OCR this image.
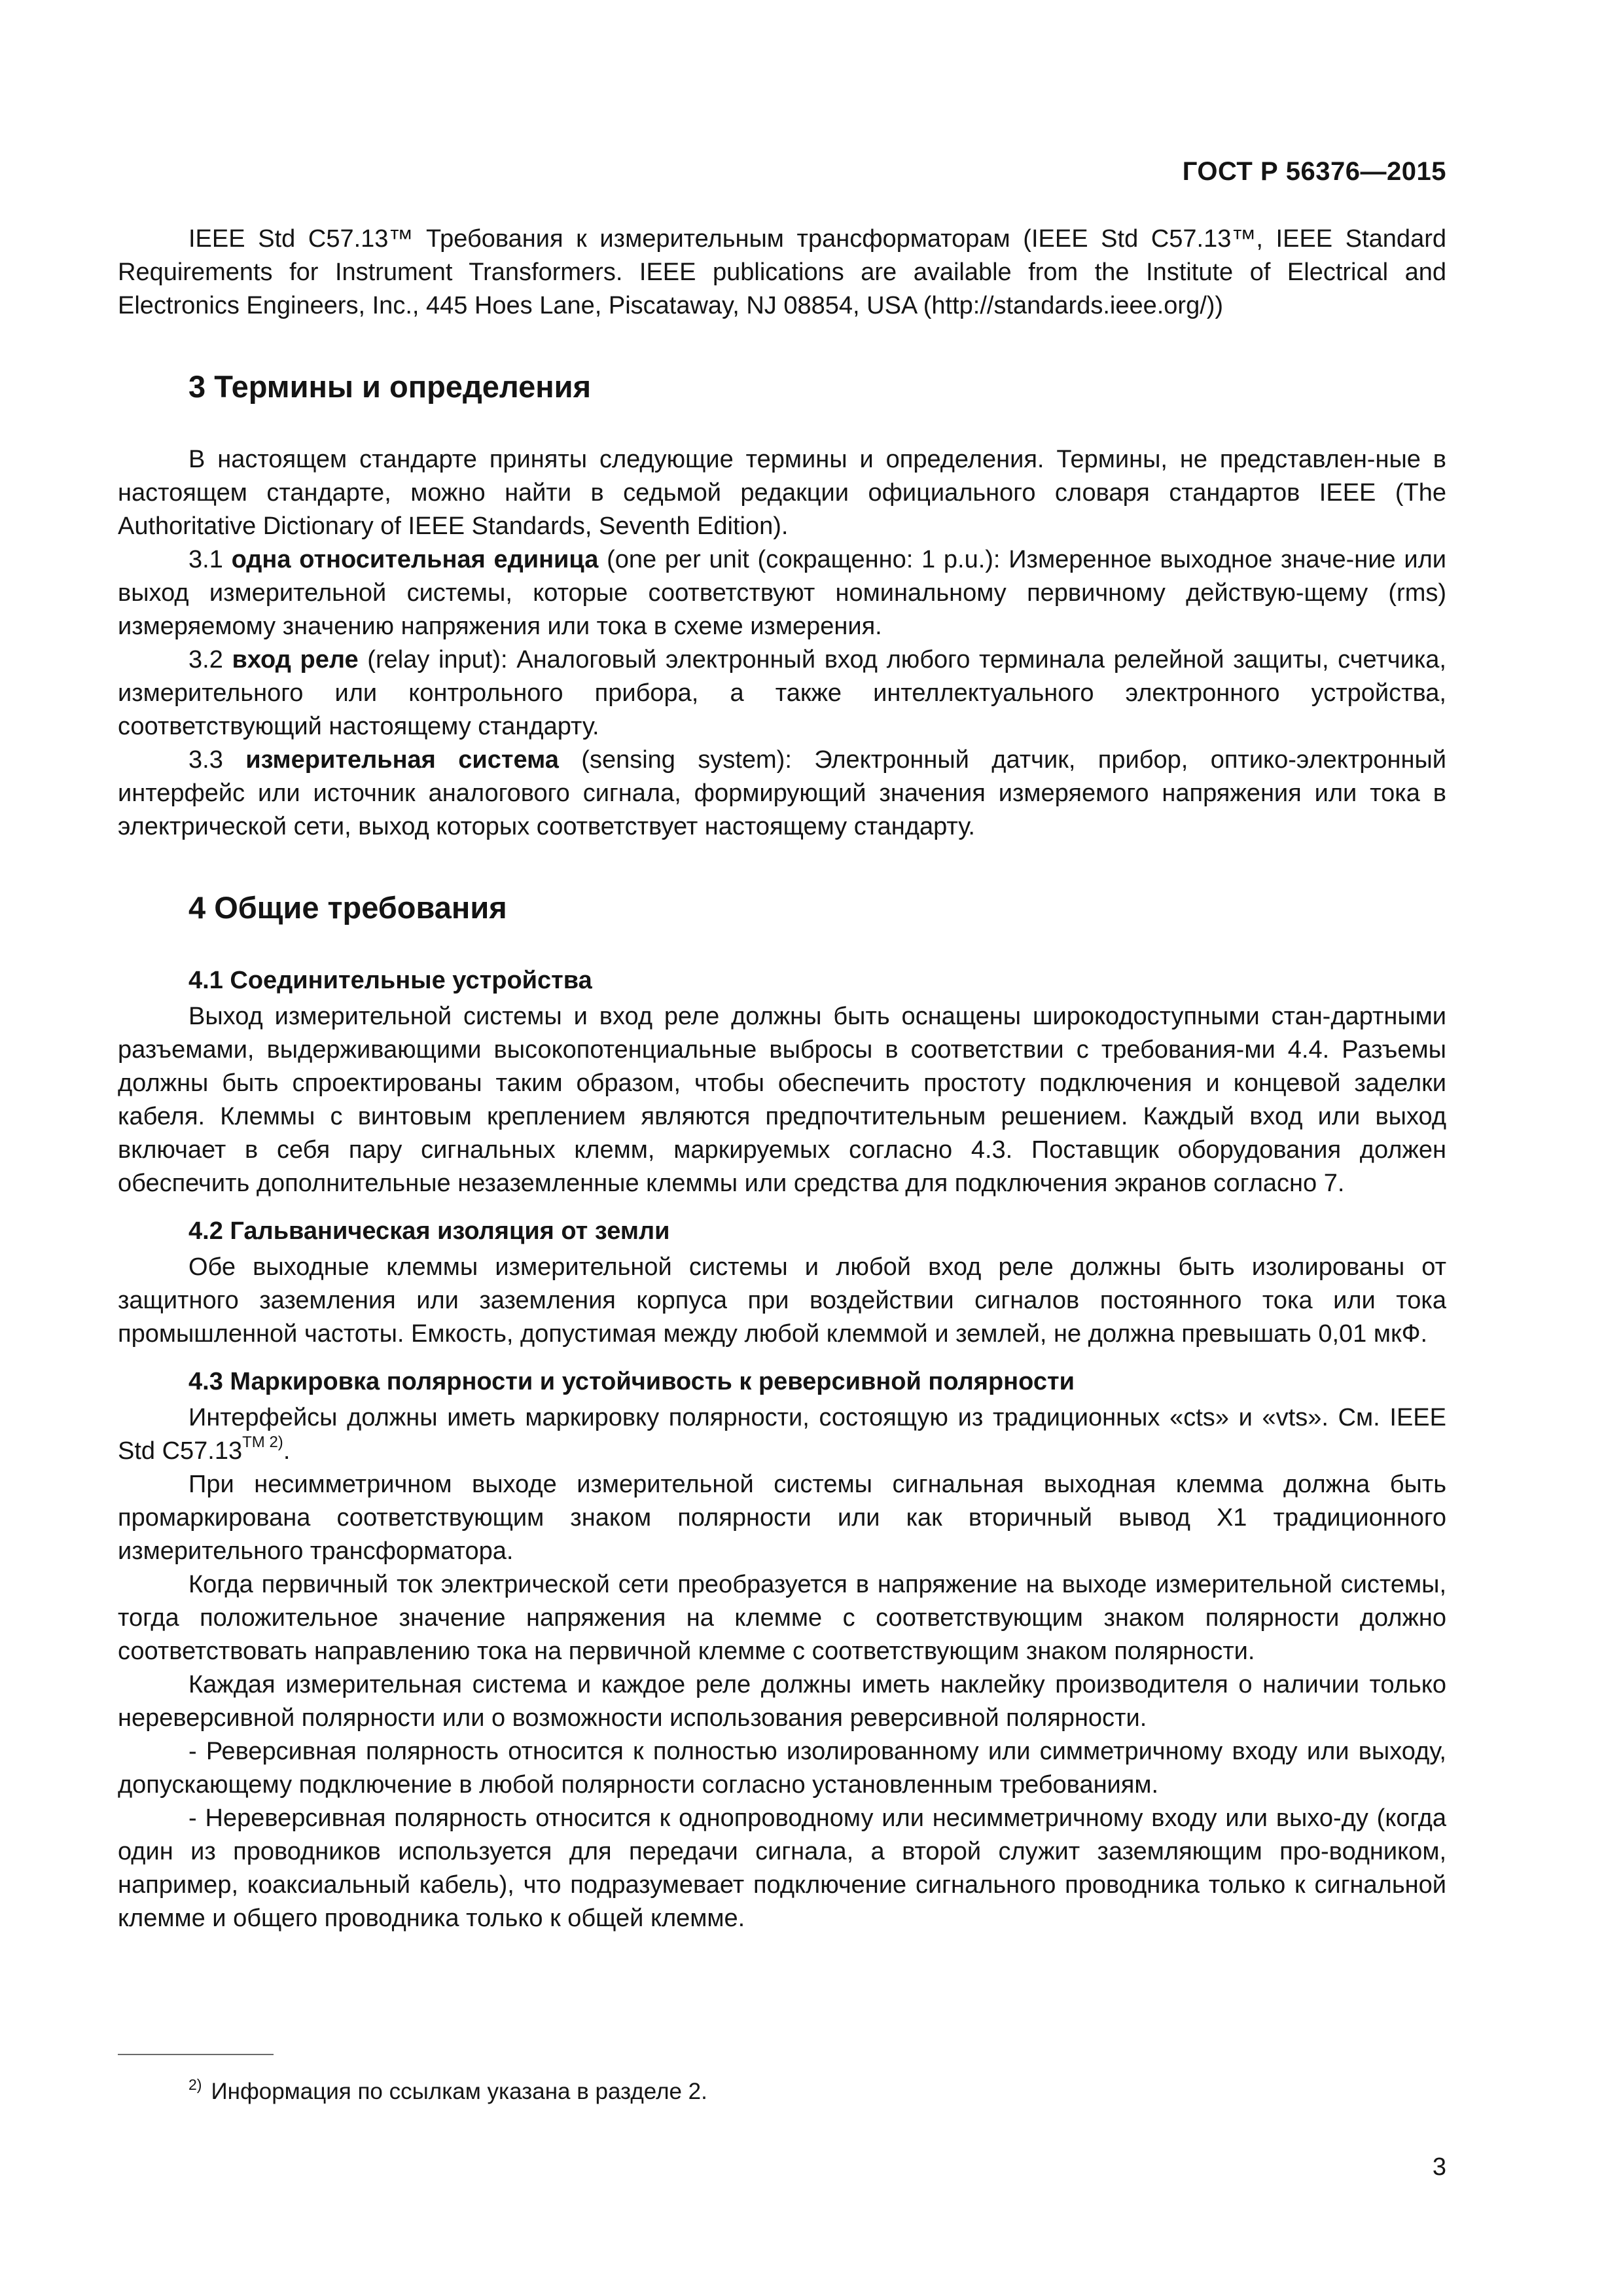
ГОСТ Р 56376—2015

IEEE Std C57.13™ Требования к измерительным трансформаторам (IEEE Std C57.13™, IEEE Standard Requirements for Instrument Transformers. IEEE publications are available from the Institute of Electrical and Electronics Engineers, Inc., 445 Hoes Lane, Piscataway, NJ 08854, USA (http://standards.ieee.org/))

3 Термины и определения

В настоящем стандарте приняты следующие термины и определения. Термины, не представлен-ные в настоящем стандарте, можно найти в седьмой редакции официального словаря стандартов IEEE (The Authoritative Dictionary of IEEE Standards, Seventh Edition).

3.1 одна относительная единица (one per unit (сокращенно: 1 p.u.): Измеренное выходное значе-ние или выход измерительной системы, которые соответствуют номинальному первичному действую-щему (rms) измеряемому значению напряжения или тока в схеме измерения.

3.2 вход реле (relay input): Аналоговый электронный вход любого терминала релейной защиты, счетчика, измерительного или контрольного прибора, а также интеллектуального электронного устройства, соответствующий настоящему стандарту.

3.3 измерительная система (sensing system): Электронный датчик, прибор, оптико-электронный интерфейс или источник аналогового сигнала, формирующий значения измеряемого напряжения или тока в электрической сети, выход которых соответствует настоящему стандарту.

4 Общие требования
4.1 Соединительные устройства

Выход измерительной системы и вход реле должны быть оснащены широкодоступными стан-дартными разъемами, выдерживающими высокопотенциальные выбросы в соответствии с требования-ми 4.4. Разъемы должны быть спроектированы таким образом, чтобы обеспечить простоту подключения и концевой заделки кабеля. Клеммы с винтовым креплением являются предпочтительным решением. Каждый вход или выход включает в себя пару сигнальных клемм, маркируемых согласно 4.3. Поставщик оборудования должен обеспечить дополнительные незаземленные клеммы или средства для подключения экранов согласно 7.

4.2 Гальваническая изоляция от земли

Обе выходные клеммы измерительной системы и любой вход реле должны быть изолированы от защитного заземления или заземления корпуса при воздействии сигналов постоянного тока или тока промышленной частоты. Емкость, допустимая между любой клеммой и землей, не должна превышать 0,01 мкФ.

4.3 Маркировка полярности и устойчивость к реверсивной полярности

Интерфейсы должны иметь маркировку полярности, состоящую из традиционных «cts» и «vts». См. IEEE Std $C57.13^{TM 2)}$.

При несимметричном выходе измерительной системы сигнальная выходная клемма должна быть промаркирована соответствующим знаком полярности или как вторичный вывод Х1 традиционного измерительного трансформатора.

Когда первичный ток электрической сети преобразуется в напряжение на выходе измерительной системы, тогда положительное значение напряжения на клемме с соответствующим знаком полярности должно соответствовать направлению тока на первичной клемме с соответствующим знаком полярности.

Каждая измерительная система и каждое реле должны иметь наклейку производителя о наличии только нереверсивной полярности или о возможности использования реверсивной полярности.

- Реверсивная полярность относится к полностью изолированному или симметричному входу или выходу, допускающему подключение в любой полярности согласно установленным требованиям.

- Нереверсивная полярность относится к однопроводному или несимметричному входу или выхо-ду (когда один из проводников используется для передачи сигнала, а второй служит заземляющим про-водником, например, коаксиальный кабель), что подразумевает подключение сигнального проводника только к сигнальной клемме и общего проводника только к общей клемме.

$^{2)}$ Информация по ссылкам указана в разделе 2.
3
